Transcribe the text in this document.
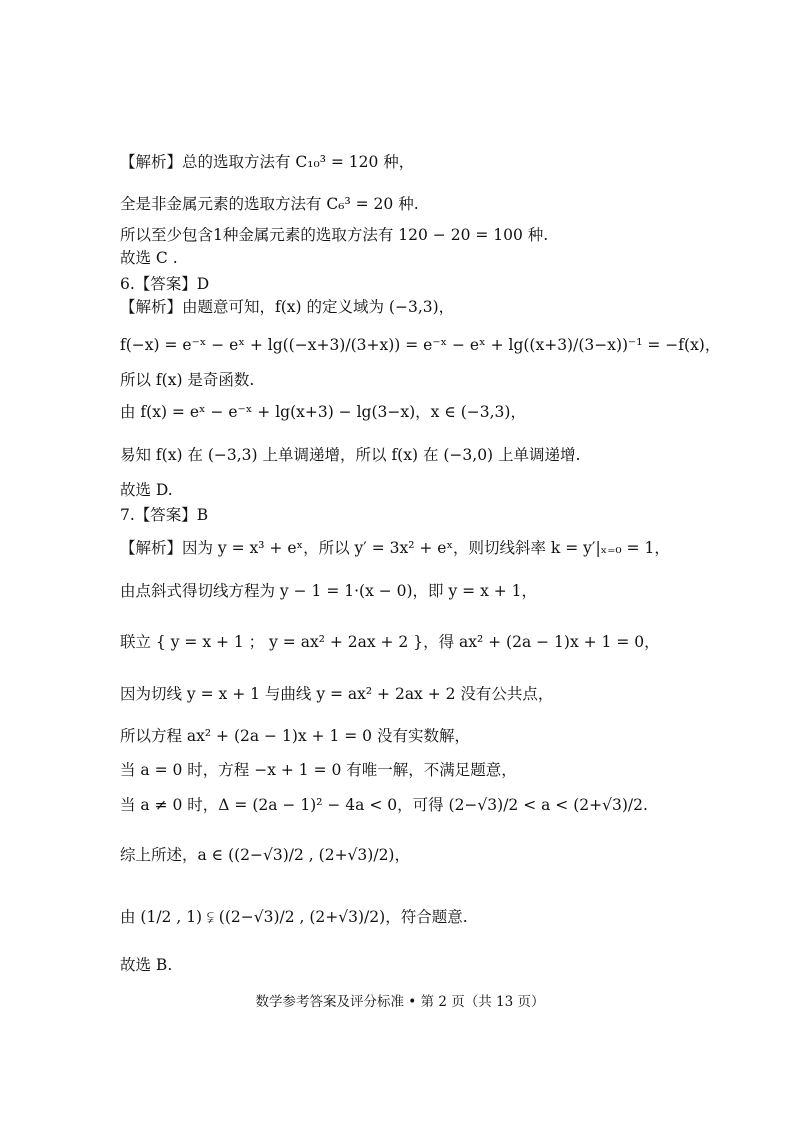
【解析】总的选取方法有 C₁₀³ = 120 种，
全是非金属元素的选取方法有 C₆³ = 20 种.
所以至少包含1种金属元素的选取方法有 120 − 20 = 100 种.
故选 C .
6.【答案】D
【解析】由题意可知，f(x) 的定义域为 (−3,3)，
f(−x) = e⁻ˣ − eˣ + lg((−x+3)/(3+x)) = e⁻ˣ − eˣ + lg((x+3)/(3−x))⁻¹ = −f(x)，
所以 f(x) 是奇函数.
由 f(x) = eˣ − e⁻ˣ + lg(x+3) − lg(3−x)，x ∈ (−3,3)，
易知 f(x) 在 (−3,3) 上单调递增，所以 f(x) 在 (−3,0) 上单调递增.
故选 D.
7.【答案】B
【解析】因为 y = x³ + eˣ，所以 y′ = 3x² + eˣ，则切线斜率 k = y′|ₓ₌₀ = 1，
由点斜式得切线方程为 y − 1 = 1·(x − 0)，即 y = x + 1，
联立 { y = x + 1 ； y = ax² + 2ax + 2 }，得 ax² + (2a − 1)x + 1 = 0，
因为切线 y = x + 1 与曲线 y = ax² + 2ax + 2 没有公共点，
所以方程 ax² + (2a − 1)x + 1 = 0 没有实数解，
当 a = 0 时，方程 −x + 1 = 0 有唯一解，不满足题意，
当 a ≠ 0 时，Δ = (2a − 1)² − 4a < 0，可得 (2−√3)/2 < a < (2+√3)/2.
综上所述，a ∈ ((2−√3)/2 , (2+√3)/2)，
由 (1/2 , 1) ⫋ ((2−√3)/2 , (2+√3)/2)，符合题意.
故选 B.
数学参考答案及评分标准 • 第 2 页（共 13 页）
